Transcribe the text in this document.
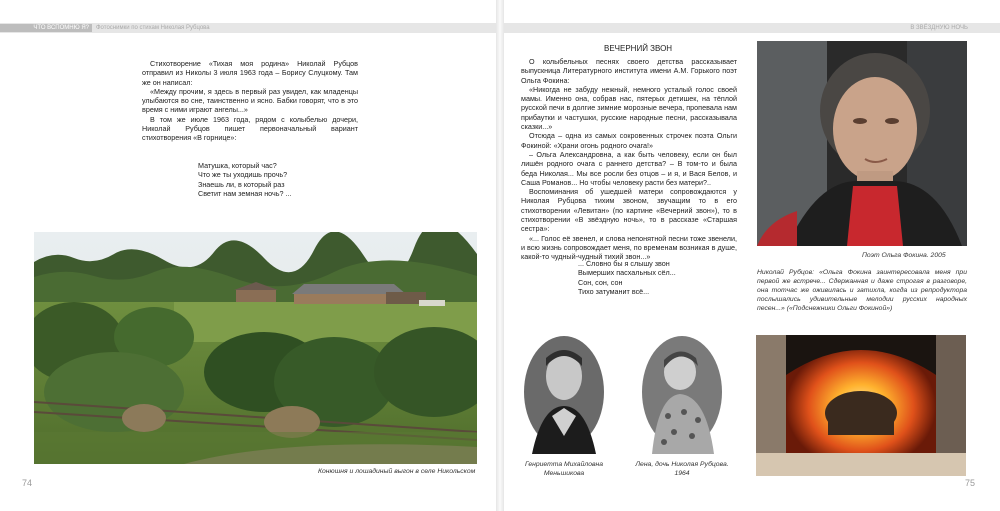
ЧТО ВСПОМНЮ Я?	Фотоснимки по стихам Николая Рубцова	В ЗВЁЗДНУЮ НОЧЬ

Стихотворение «Тихая моя родина» Николай Рубцов отправил из Николы 3 июля 1963 года – Борису Слуцкому. Там же он написал:

«Между прочим, я здесь в первый раз увидел, как младенцы улыбаются во сне, таинственно и ясно. Бабки говорят, что в это время с ними играют ангелы...»

В том же июле 1963 года, рядом с колыбелью дочери, Николай Рубцов пишет первоначальный вариант стихотворения «В горнице»:

Матушка, который час?
Что же ты уходишь прочь?
Знаешь ли, в который раз
Светит нам земная ночь? ...
Конюшня и лошадиный выгон в селе Никольском
74
ВЕЧЕРНИЙ ЗВОН

О колыбельных песнях своего детства рассказывает выпускница Литературного института имени А.М. Горького поэт Ольга Фокина:

«Никогда не забуду нежный, немного усталый голос своей мамы. Именно она, собрав нас, пятерых детишек, на тёплой русской печи в долгие зимние морозные вечера, пропевала нам прибаутки и частушки, русские народные песни, рассказывала сказки...»

Отсюда – одна из самых сокровенных строчек поэта Ольги Фокиной: «Храни огонь родного очага!»

– Ольга Александровна, а как быть человеку, если он был лишён родного очага с раннего детства? – В том-то и была беда Николая... Мы все росли без отцов – и я, и Вася Белов, и Саша Романов... Но чтобы человеку расти без матери?..

Воспоминания об ушедшей матери сопровождаются у Николая Рубцова тихим звоном, звучащим то в его стихотворении «Левитан» (по картине «Вечерний звон»), то в стихотворении «В звёздную ночь», то в рассказе «Старшая сестра»:

«... Голос её звенел, и слова непонятной песни тоже звенели, и всю жизнь сопровождает меня, по временам возникая в душе, какой-то чудный-чудный тихий звон...»

... Словно бы я слышу звон
Вымерших пасхальных сёл...
Сон, сон, сон
Тихо затуманит всё...
Поэт Ольга Фокина. 2005
Николай Рубцов: «Ольга Фокина заинтересовала меня при первой же встрече... Сдержанная и даже строгая в разговоре, она тотчас же оживилась и затихла, когда из репродуктора послышались удивительные мелодии русских народных песен...» («Подснежники Ольги Фокиной»)
Генриетта Михайловна Меньшикова
Лена, дочь Николая Рубцова. 1964
75
